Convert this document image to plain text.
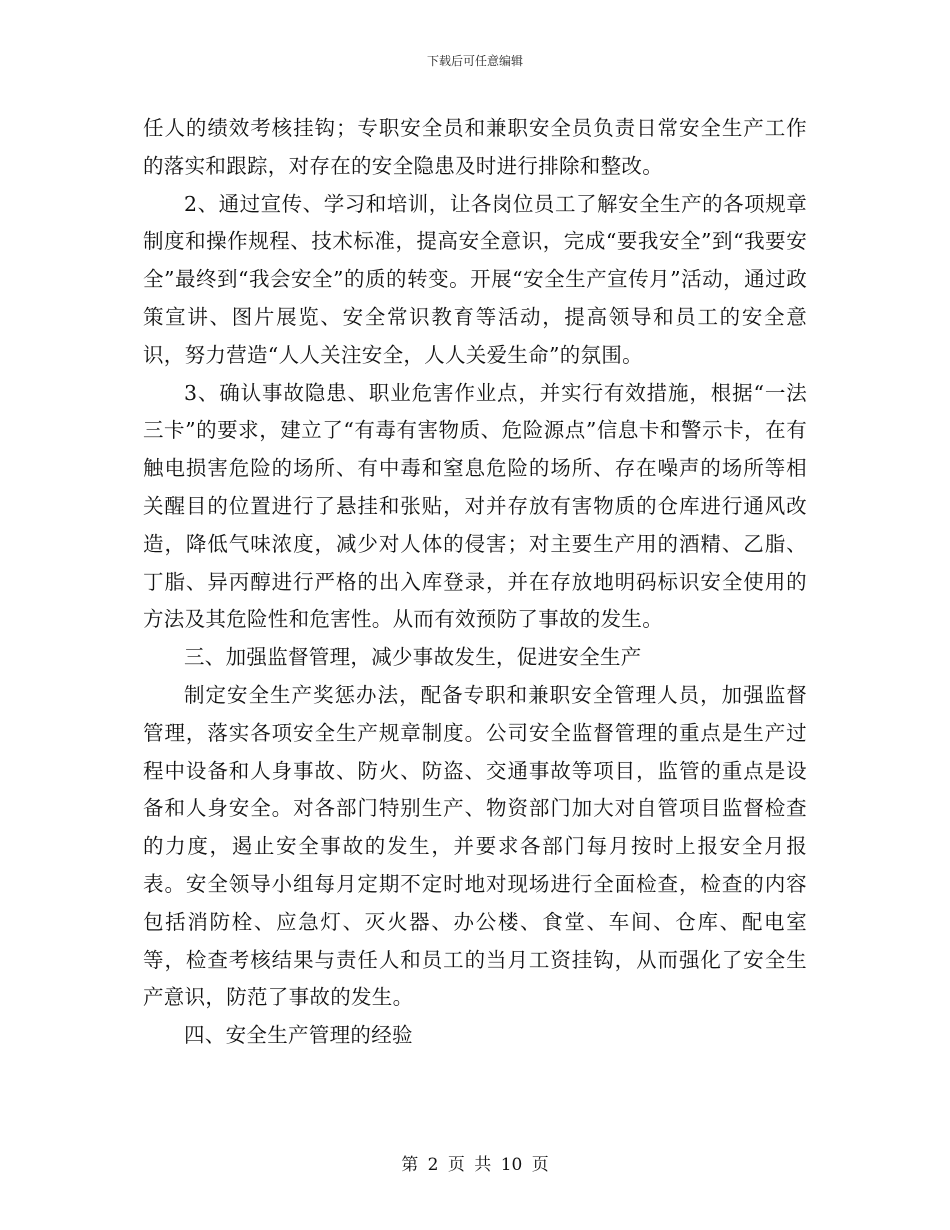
下载后可任意编辑

任人的绩效考核挂钩；专职安全员和兼职安全员负责日常安全生产工作的落实和跟踪，对存在的安全隐患及时进行排除和整改。

2、通过宣传、学习和培训，让各岗位员工了解安全生产的各项规章制度和操作规程、技术标准，提高安全意识，完成“要我安全”到“我要安全”最终到“我会安全”的质的转变。开展“安全生产宣传月”活动，通过政策宣讲、图片展览、安全常识教育等活动，提高领导和员工的安全意识，努力营造“人人关注安全，人人关爱生命”的氛围。

3、确认事故隐患、职业危害作业点，并实行有效措施，根据“一法三卡”的要求，建立了“有毒有害物质、危险源点”信息卡和警示卡，在有触电损害危险的场所、有中毒和窒息危险的场所、存在噪声的场所等相关醒目的位置进行了悬挂和张贴，对并存放有害物质的仓库进行通风改造，降低气味浓度，减少对人体的侵害；对主要生产用的酒精、乙脂、丁脂、异丙醇进行严格的出入库登录，并在存放地明码标识安全使用的方法及其危险性和危害性。从而有效预防了事故的发生。

三、加强监督管理，减少事故发生，促进安全生产

制定安全生产奖惩办法，配备专职和兼职安全管理人员，加强监督管理，落实各项安全生产规章制度。公司安全监督管理的重点是生产过程中设备和人身事故、防火、防盗、交通事故等项目，监管的重点是设备和人身安全。对各部门特别生产、物资部门加大对自管项目监督检查的力度，遏止安全事故的发生，并要求各部门每月按时上报安全月报表。安全领导小组每月定期不定时地对现场进行全面检查，检查的内容包括消防栓、应急灯、灭火器、办公楼、食堂、车间、仓库、配电室等，检查考核结果与责任人和员工的当月工资挂钩，从而强化了安全生产意识，防范了事故的发生。

四、安全生产管理的经验

第 2 页 共 10 页
